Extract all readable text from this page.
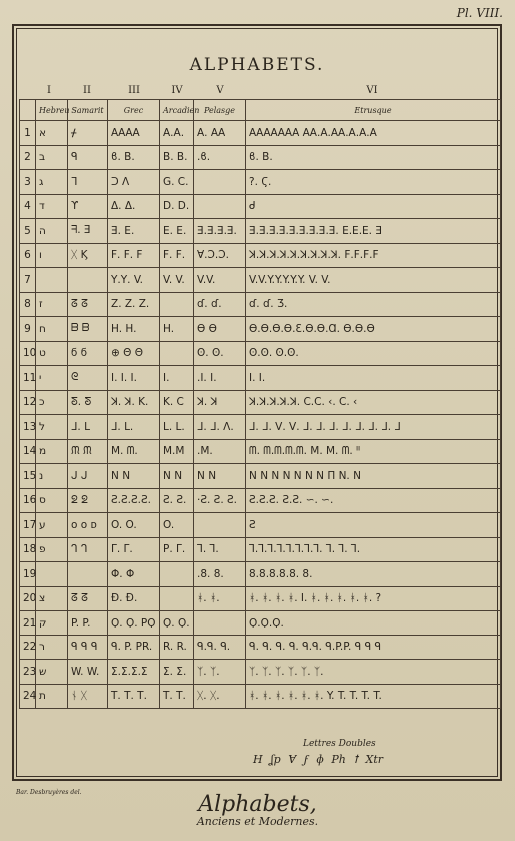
Pl. VIII.
ALPHABETS.
I	II	III	IV	V	VI
	Hebreu	Samarit	Grec	Arcadien	Pelasge	Etrusque
1	א	ᚋ	ΑΑΑΑ	Α.Α.	Α. ΑΑ	ΑΑΑΑΑΑΑ ΑΑ.Α.ΑΑ.Α.Α.Α
2	ב	ᑫ	ϐ. Β.	Β. Β.	.ϐ.	ϐ. Β.
3	ג	ᒣ	ᑐ Λ	G. C.		?. Ϛ.
4	ד	ϒ	Δ. Δ.	D. D.		ᑯ
5	ה	ᖷ. Ǝ	Ǝ. Ε.	Ε. Ε.	Ǝ.Ǝ.Ǝ.Ǝ.	Ǝ.Ǝ.Ǝ.Ǝ.Ǝ.Ǝ.Ǝ.Ǝ.Ǝ. Ε.Ε.Ε. Ǝ
6	ו	ᚷ Ϗ	Ϝ. Ϝ. Ϝ	Ϝ. Ϝ.	Ɐ.Ɔ.Ɔ.	ꓘ.ꓘ.ꓘ.ꓘ.ꓘ.ꓘ.ꓘ.ꓘ.ꓘ. Ϝ.Ϝ.Ϝ.Ϝ
7			Υ.Υ. V.	V. V.	V.V.	V.V.Y.Y.Y.Y.Y. V. V.
8	ז	ᘔ ᘔ	Z. Z. Z.		ɗ. ɗ.	ɗ. ɗ. Ʒ.
9	ח	ᗷ ᗷ	H. H.	H.	ϴ ϴ	ϴ.ϴ.ϴ.ϴ.Ɛ.ϴ.ϴ.Ɑ. ϴ.ϴ.ϴ
10	ט	ϭ ϭ	⊕ Θ Θ		ʘ. ʘ.	ʘ.ʘ. ʘ.ʘ.
11	י	ᘓ	I. I. I.	I.	.I. I.	I. I.
12	כ	ᘕ. ᘕ	ꓘ. ꓘ. K.	K. C	ꓘ. ꓘ	ꓘ.ꓘ.ꓘ.ꓘ.ꓘ. C.C. ‹. C. ‹
13	ל	ᒧ. ᒪ	ᒧ. ᒪ.	L. L.	ᒧ. ᒧ. ᐱ.	ᒧ. ᒧ. ᐯ. ᐯ. ᒧ. ᒧ. ᒧ. ᒧ. ᒧ. ᒧ. ᒧ. ᒧ
14	מ	ᙏ ᙏ	M. ᗰ.	M.M	.M.	ᗰ. ᗰ.ᗰ.ᗰ.ᗰ. M. M. ᗰ. ᑊᑊ
15	נ	ᒍ ᒍ	Ν Ν	Ν Ν	Ν Ν	Ν Ν Ν Ν Ν Ν Ν Π Ν. Ν
16	ס	ᘖ ᘖ	Ƨ.Ƨ.Ƨ.Ƨ.	Ƨ. Ƨ.	·Ƨ. Ƨ. Ƨ.	Ƨ.Ƨ.Ƨ. Ƨ.Ƨ. ∽. ∽.
17	ע	ᴏ ᴏ ᴅ	O. O.	O.		Ƨ
18	פ	ᒉ ᒉ	Γ. Γ.	Ρ. Γ.	Ꞁ. Ꞁ.	Ꞁ.Ꞁ.Ꞁ.Ꞁ.Ꞁ.Ꞁ.Ꞁ.Ꞁ. Ꞁ. Ꞁ. Ꞁ.
19			Φ. Φ		.8. 8.	8.8.8.8.8. 8.
20	צ	ᘔ ᘔ	Ɖ. Ɖ.		ᚼ. ᚼ.	ᚼ. ᚼ. ᚼ. ᚼ. I. ᚼ. ᚼ. ᚼ. ᚼ. ᚼ. ?
21	ק	P. P.	Ϙ. Ϙ. PϘ	Ϙ. Ϙ.		Ϙ.Ϙ.Ϙ.
22	ר	ᑫ ᑫ ᑫ	ᑫ. P. PR.	R. R.	ᑫ.ᑫ. ᑫ.	ᑫ. ᑫ. ᑫ. ᑫ. ᑫ.ᑫ. ᑫ.P.P. ᑫ ᑫ ᑫ
23	ש	W. W.	Ʃ.Ʃ.Σ.Σ	Ʃ. Ʃ.	ᛉ. ᛉ.	ᛉ. ᛉ. ᛉ. ᛉ. ᛉ. ᛉ.
24	ת	ᚾ ᚷ	Τ. Τ. Τ.	Τ. Τ.	ᚷ. ᚷ.	ᚼ. ᚼ. ᚼ. ᚼ. ᚼ. ᚼ. Y. T. T. T. T.
Lettres Doubles
H ʆp Ɐ ϝ ɸ Ph ꝉ Xtr
Bar. Desbruyères del.	Alphabets,
Anciens et Modernes.
